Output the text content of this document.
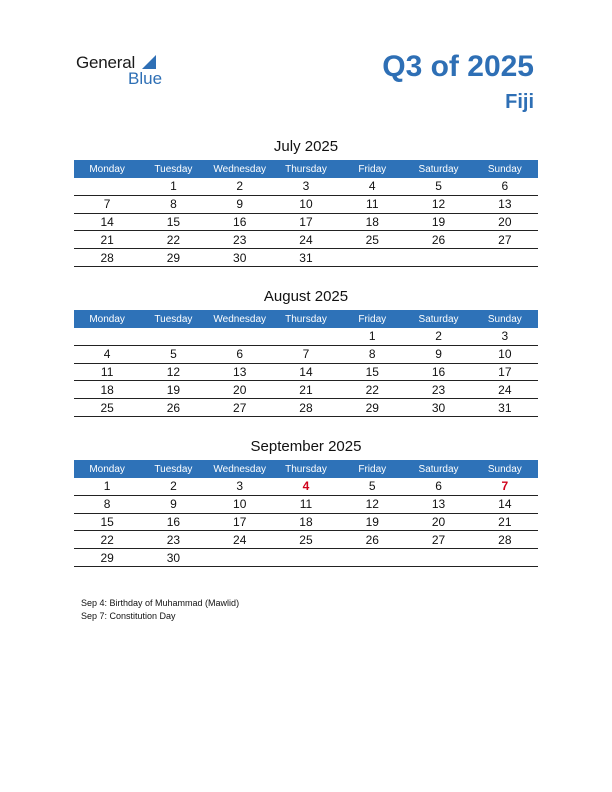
General
Blue	Q3 of 2025
Fiji
July 2025
Monday	Tuesday	Wednesday	Thursday	Friday	Saturday	Sunday
	1	2	3	4	5	6
7	8	9	10	11	12	13
14	15	16	17	18	19	20
21	22	23	24	25	26	27
28	29	30	31			
August 2025
Monday	Tuesday	Wednesday	Thursday	Friday	Saturday	Sunday
				1	2	3
4	5	6	7	8	9	10
11	12	13	14	15	16	17
18	19	20	21	22	23	24
25	26	27	28	29	30	31
September 2025
Monday	Tuesday	Wednesday	Thursday	Friday	Saturday	Sunday
1	2	3	4	5	6	7
8	9	10	11	12	13	14
15	16	17	18	19	20	21
22	23	24	25	26	27	28
29	30					
Sep 4: Birthday of Muhammad (Mawlid)
Sep 7: Constitution Day
